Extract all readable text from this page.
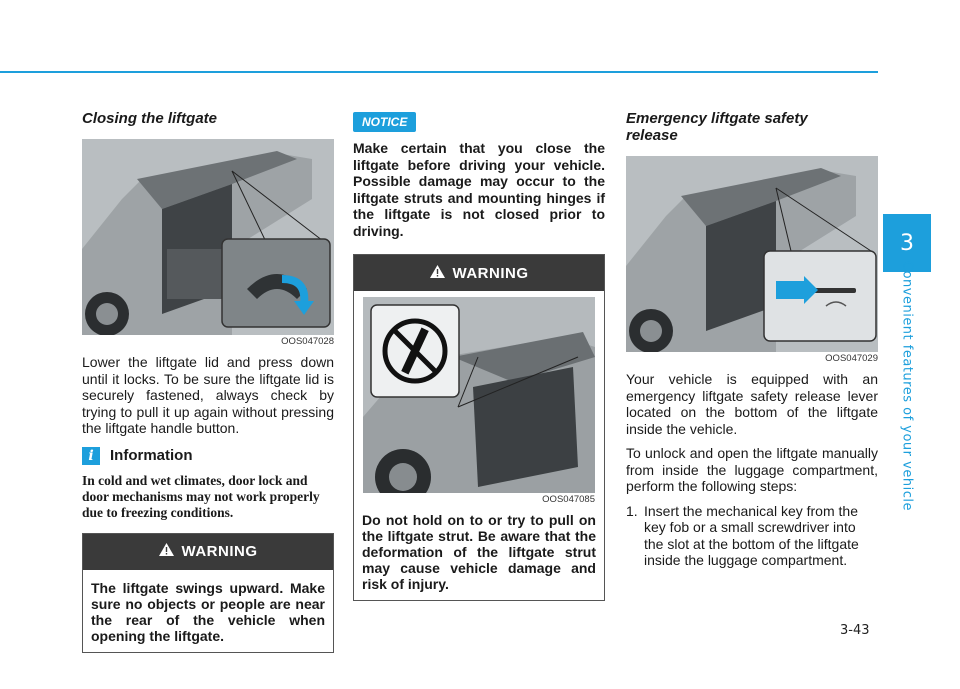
3
Convenient features of your vehicle
Closing the liftgate
OOS047028

Lower the liftgate lid and press down until it locks. To be sure the liftgate lid is securely fastened, always check by trying to pull it up again without pressing the liftgate handle button.

i	Information

In cold and wet climates, door lock and door mechanisms may not work properly due to freezing conditions.

WARNING
The liftgate swings upward. Make sure no objects or people are near the rear of the vehicle when opening the liftgate.
NOTICE

Make certain that you close the liftgate before driving your vehicle. Possible damage may occur to the liftgate struts and mounting hinges if the liftgate is not closed prior to driving.

WARNING
OOS047085
Do not hold on to or try to pull on the liftgate strut. Be aware that the deformation of the liftgate strut may cause vehicle damage and risk of injury.
Emergency liftgate safety release
OOS047029

Your vehicle is equipped with an emergency liftgate safety release lever located on the bottom of the liftgate inside the vehicle.

To unlock and open the liftgate manually from inside the luggage compartment, perform the following steps:

1. Insert the mechanical key from the key fob or a small screwdriver into the slot at the bottom of the liftgate inside the luggage compartment.
3-43
